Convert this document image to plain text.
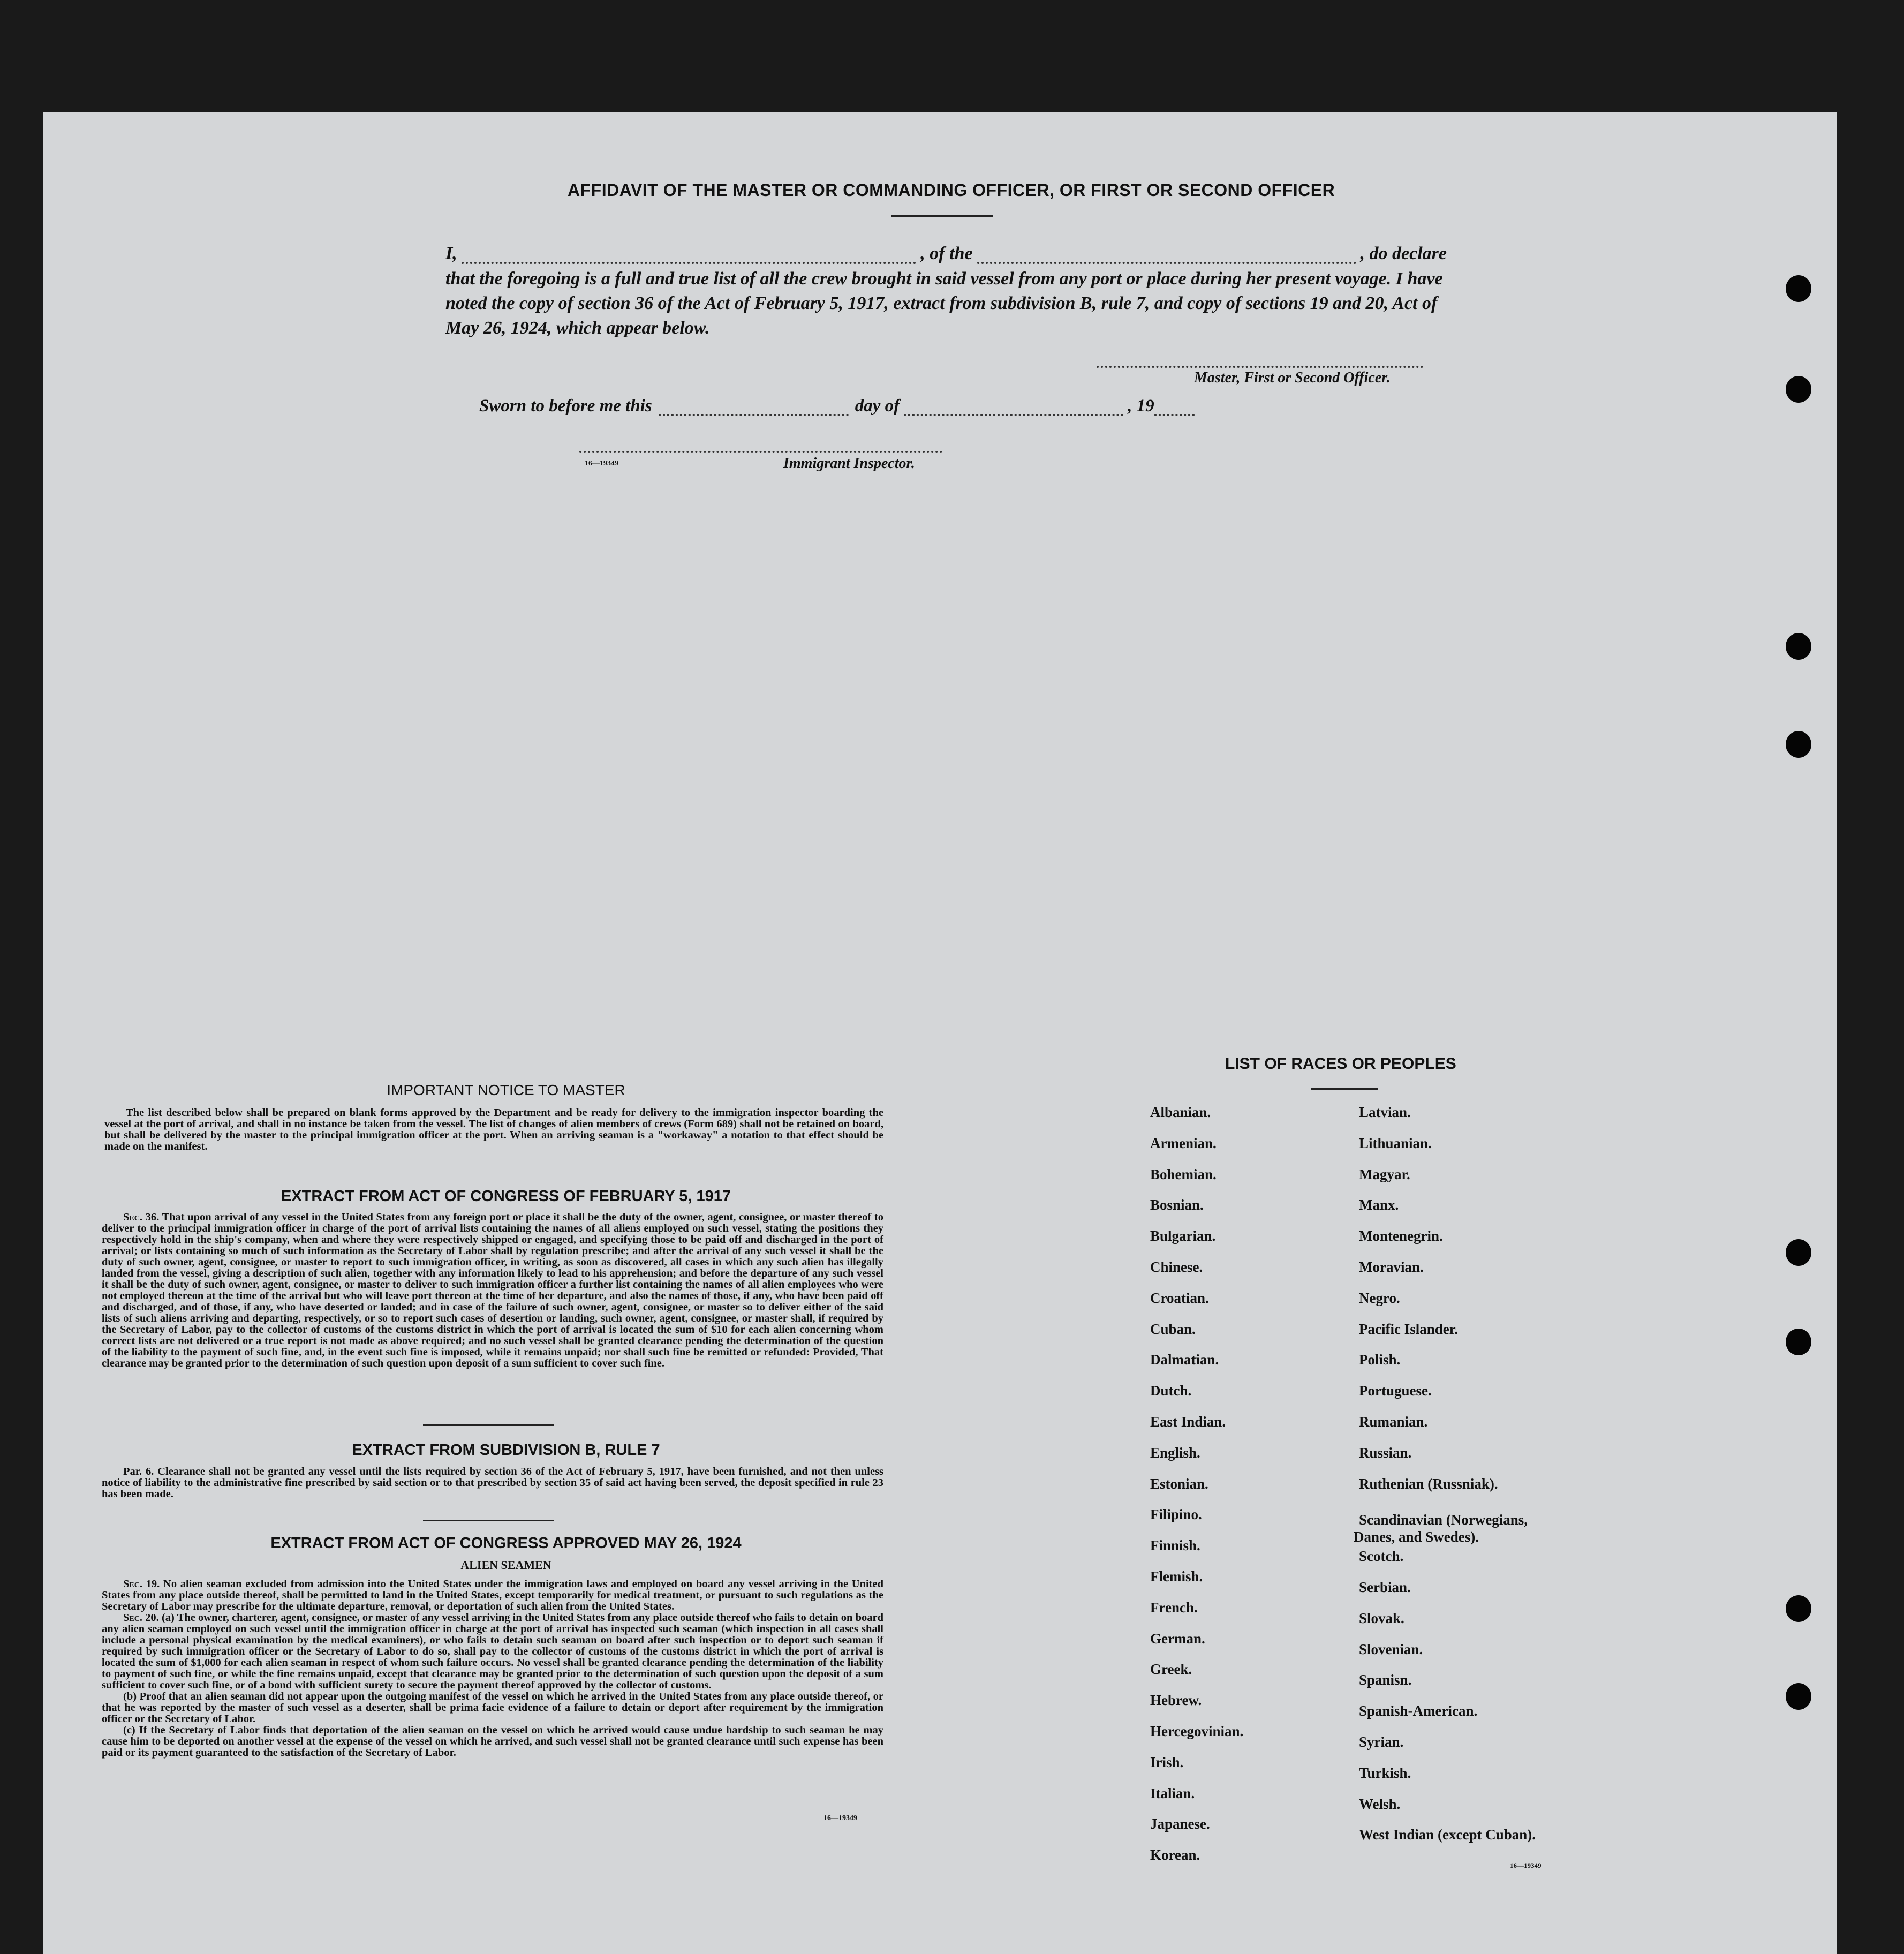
AFFIDAVIT OF THE MASTER OR COMMANDING OFFICER, OR FIRST OR SECOND OFFICER
I,	, of the	, do declare
that the foregoing is a full and true list of all the crew brought in said vessel from any port or place during her present voyage. I have noted the copy of section 36 of the Act of February 5, 1917, extract from subdivision B, rule 7, and copy of sections 19 and 20, Act of May 26, 1924, which appear below.
Master, First or Second Officer.
Sworn to before me this	day of	, 19
16—19349	Immigrant Inspector.
IMPORTANT NOTICE TO MASTER

The list described below shall be prepared on blank forms approved by the Department and be ready for delivery to the immigration inspector boarding the vessel at the port of arrival, and shall in no instance be taken from the vessel. The list of changes of alien members of crews (Form 689) shall not be retained on board, but shall be delivered by the master to the principal immigration officer at the port. When an arriving seaman is a "workaway" a notation to that effect should be made on the manifest.

EXTRACT FROM ACT OF CONGRESS OF FEBRUARY 5, 1917

Sec. 36. That upon arrival of any vessel in the United States from any foreign port or place it shall be the duty of the owner, agent, consignee, or master thereof to deliver to the principal immigration officer in charge of the port of arrival lists containing the names of all aliens employed on such vessel, stating the positions they respectively hold in the ship's company, when and where they were respectively shipped or engaged, and specifying those to be paid off and discharged in the port of arrival; or lists containing so much of such information as the Secretary of Labor shall by regulation prescribe; and after the arrival of any such vessel it shall be the duty of such owner, agent, consignee, or master to report to such immigration officer, in writing, as soon as discovered, all cases in which any such alien has illegally landed from the vessel, giving a description of such alien, together with any information likely to lead to his apprehension; and before the departure of any such vessel it shall be the duty of such owner, agent, consignee, or master to deliver to such immigration officer a further list containing the names of all alien employees who were not employed thereon at the time of the arrival but who will leave port thereon at the time of her departure, and also the names of those, if any, who have been paid off and discharged, and of those, if any, who have deserted or landed; and in case of the failure of such owner, agent, consignee, or master so to deliver either of the said lists of such aliens arriving and departing, respectively, or so to report such cases of desertion or landing, such owner, agent, consignee, or master shall, if required by the Secretary of Labor, pay to the collector of customs of the customs district in which the port of arrival is located the sum of $10 for each alien concerning whom correct lists are not delivered or a true report is not made as above required; and no such vessel shall be granted clearance pending the determination of the question of the liability to the payment of such fine, and, in the event such fine is imposed, while it remains unpaid; nor shall such fine be remitted or refunded: Provided, That clearance may be granted prior to the determination of such question upon deposit of a sum sufficient to cover such fine.

EXTRACT FROM SUBDIVISION B, RULE 7

Par. 6. Clearance shall not be granted any vessel until the lists required by section 36 of the Act of February 5, 1917, have been furnished, and not then unless notice of liability to the administrative fine prescribed by said section or to that prescribed by section 35 of said act having been served, the deposit specified in rule 23 has been made.

EXTRACT FROM ACT OF CONGRESS APPROVED MAY 26, 1924
ALIEN SEAMEN

Sec. 19. No alien seaman excluded from admission into the United States under the immigration laws and employed on board any vessel arriving in the United States from any place outside thereof, shall be permitted to land in the United States, except temporarily for medical treatment, or pursuant to such regulations as the Secretary of Labor may prescribe for the ultimate departure, removal, or deportation of such alien from the United States.

Sec. 20. (a) The owner, charterer, agent, consignee, or master of any vessel arriving in the United States from any place outside thereof who fails to detain on board any alien seaman employed on such vessel until the immigration officer in charge at the port of arrival has inspected such seaman (which inspection in all cases shall include a personal physical examination by the medical examiners), or who fails to detain such seaman on board after such inspection or to deport such seaman if required by such immigration officer or the Secretary of Labor to do so, shall pay to the collector of customs of the customs district in which the port of arrival is located the sum of $1,000 for each alien seaman in respect of whom such failure occurs. No vessel shall be granted clearance pending the determination of the liability to payment of such fine, or while the fine remains unpaid, except that clearance may be granted prior to the determination of such question upon the deposit of a sum sufficient to cover such fine, or of a bond with sufficient surety to secure the payment thereof approved by the collector of customs.

(b) Proof that an alien seaman did not appear upon the outgoing manifest of the vessel on which he arrived in the United States from any place outside thereof, or that he was reported by the master of such vessel as a deserter, shall be prima facie evidence of a failure to detain or deport after requirement by the immigration officer or the Secretary of Labor.

(c) If the Secretary of Labor finds that deportation of the alien seaman on the vessel on which he arrived would cause undue hardship to such seaman he may cause him to be deported on another vessel at the expense of the vessel on which he arrived, and such vessel shall not be granted clearance until such expense has been paid or its payment guaranteed to the satisfaction of the Secretary of Labor.

16—19349
LIST OF RACES OR PEOPLES
Albanian.
Armenian.
Bohemian.
Bosnian.
Bulgarian.
Chinese.
Croatian.
Cuban.
Dalmatian.
Dutch.
East Indian.
English.
Estonian.
Filipino.
Finnish.
Flemish.
French.
German.
Greek.
Hebrew.
Hercegovinian.
Irish.
Italian.
Japanese.
Korean.
Latvian.
Lithuanian.
Magyar.
Manx.
Montenegrin.
Moravian.
Negro.
Pacific Islander.
Polish.
Portuguese.
Rumanian.
Russian.
Ruthenian (Russniak).
Scandinavian (Norwegians,
Danes, and Swedes).
Scotch.
Serbian.
Slovak.
Slovenian.
Spanisn.
Spanish-American.
Syrian.
Turkish.
Welsh.
West Indian (except Cuban).
16—19349
